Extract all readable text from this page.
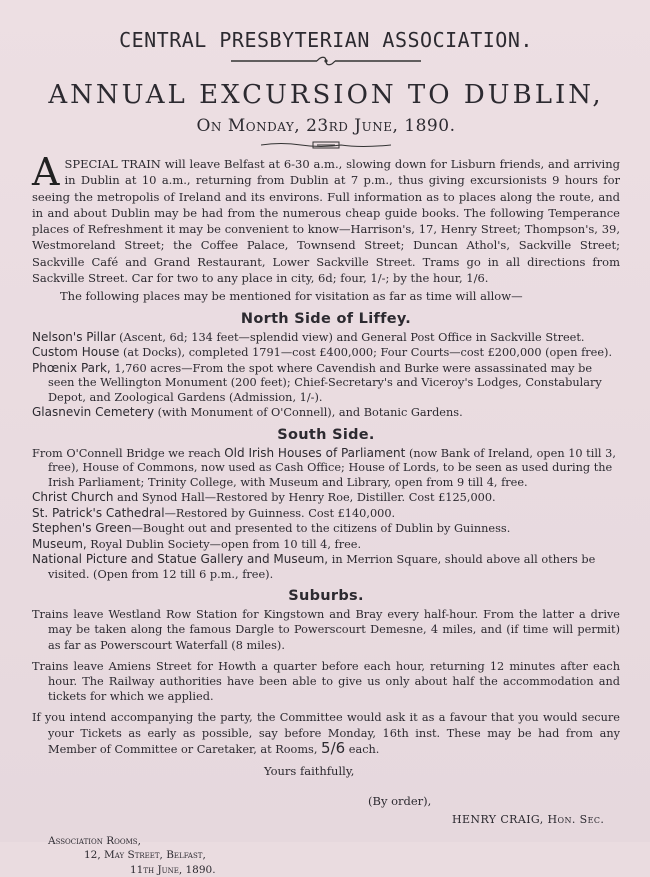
CENTRAL PRESBYTERIAN ASSOCIATION.
ANNUAL EXCURSION TO DUBLIN,
On Monday, 23rd June, 1890.

ASPECIAL TRAIN will leave Belfast at 6-30 a.m., slowing down for Lisburn friends, and arriving in Dublin at 10 a.m., returning from Dublin at 7 p.m., thus giving excursionists 9 hours for seeing the metropolis of Ireland and its environs. Full information as to places along the route, and in and about Dublin may be had from the numerous cheap guide books. The following Temperance places of Refreshment it may be convenient to know—Harrison's, 17, Henry Street; Thompson's, 39, Westmoreland Street; the Coffee Palace, Townsend Street; Duncan Athol's, Sackville Street; Sackville Café and Grand Restaurant, Lower Sackville Street. Trams go in all directions from Sackville Street. Car for two to any place in city, 6d; four, 1/-; by the hour, 1/6.

The following places may be mentioned for visitation as far as time will allow—

North Side of Liffey.

Nelson's Pillar (Ascent, 6d; 134 feet—splendid view) and General Post Office in Sackville Street.

Custom House (at Docks), completed 1791—cost £400,000; Four Courts—cost £200,000 (open free).

Phœnix Park, 1,760 acres—From the spot where Cavendish and Burke were assassinated may be seen the Wellington Monument (200 feet); Chief-Secretary's and Viceroy's Lodges, Constabulary Depot, and Zoological Gardens (Admission, 1/-).

Glasnevin Cemetery (with Monument of O'Connell), and Botanic Gardens.

South Side.

From O'Connell Bridge we reach Old Irish Houses of Parliament (now Bank of Ireland, open 10 till 3, free), House of Commons, now used as Cash Office; House of Lords, to be seen as used during the Irish Parliament; Trinity College, with Museum and Library, open from 9 till 4, free.

Christ Church and Synod Hall—Restored by Henry Roe, Distiller. Cost £125,000.

St. Patrick's Cathedral—Restored by Guinness. Cost £140,000.

Stephen's Green—Bought out and presented to the citizens of Dublin by Guinness.

Museum, Royal Dublin Society—open from 10 till 4, free.

National Picture and Statue Gallery and Museum, in Merrion Square, should above all others be visited. (Open from 12 till 6 p.m., free).

Suburbs.

Trains leave Westland Row Station for Kingstown and Bray every half-hour. From the latter a drive may be taken along the famous Dargle to Powerscourt Demesne, 4 miles, and (if time will permit) as far as Powerscourt Waterfall (8 miles).

Trains leave Amiens Street for Howth a quarter before each hour, returning 12 minutes after each hour. The Railway authorities have been able to give us only about half the accommodation and tickets for which we applied.

If you intend accompanying the party, the Committee would ask it as a favour that you would secure your Tickets as early as possible, say before Monday, 16th inst. These may be had from any Member of Committee or Caretaker, at Rooms, 5/6 each.

Yours faithfully,

(By order),

HENRY CRAIG, Hon. Sec.

Association Rooms,

12, May Street, Belfast,

11th June, 1890.
